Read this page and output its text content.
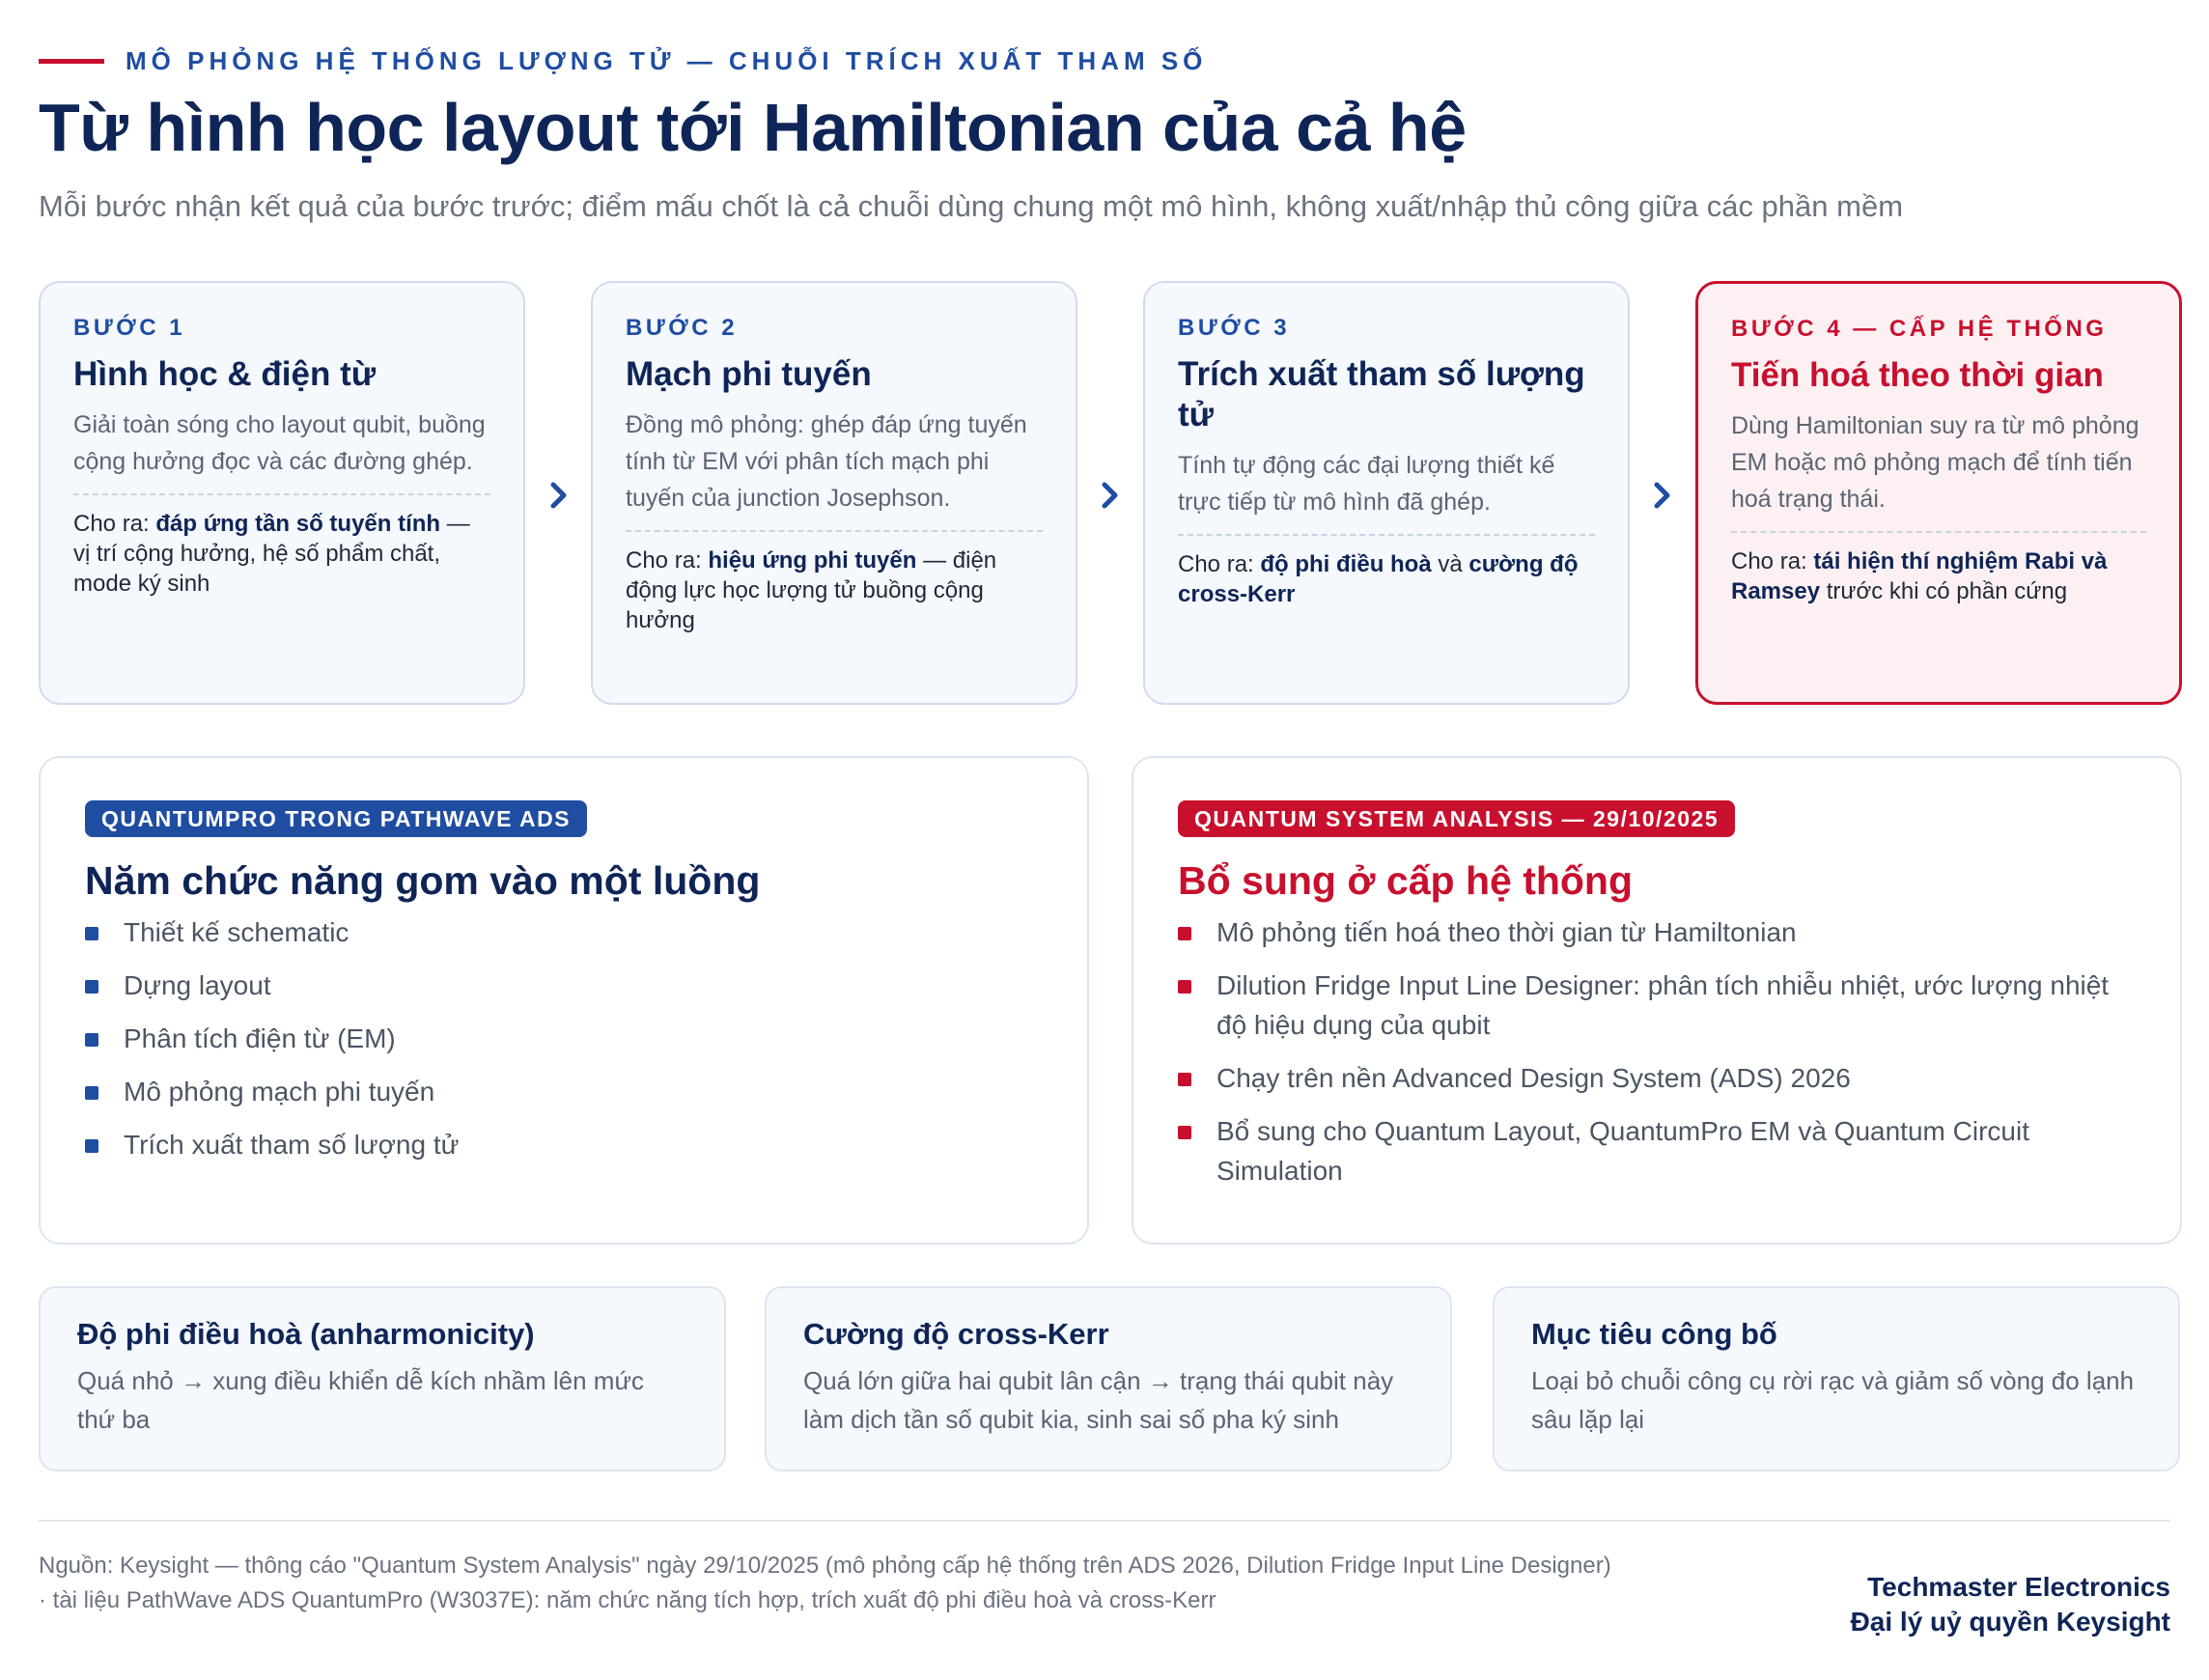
MÔ PHỎNG HỆ THỐNG LƯỢNG TỬ — CHUỖI TRÍCH XUẤT THAM SỐ
Từ hình học layout tới Hamiltonian của cả hệ
Mỗi bước nhận kết quả của bước trước; điểm mấu chốt là cả chuỗi dùng chung một mô hình, không xuất/nhập thủ công giữa các phần mềm
BƯỚC 1
Hình học & điện từ
Giải toàn sóng cho layout qubit, buồng cộng hưởng đọc và các đường ghép.
Cho ra: đáp ứng tần số tuyến tính — vị trí cộng hưởng, hệ số phẩm chất, mode ký sinh
BƯỚC 2
Mạch phi tuyến
Đồng mô phỏng: ghép đáp ứng tuyến tính từ EM với phân tích mạch phi tuyến của junction Josephson.
Cho ra: hiệu ứng phi tuyến — điện động lực học lượng tử buồng cộng hưởng
BƯỚC 3
Trích xuất tham số lượng tử
Tính tự động các đại lượng thiết kế trực tiếp từ mô hình đã ghép.
Cho ra: độ phi điều hoà và cường độ cross-Kerr
BƯỚC 4 — CẤP HỆ THỐNG
Tiến hoá theo thời gian
Dùng Hamiltonian suy ra từ mô phỏng EM hoặc mô phỏng mạch để tính tiến hoá trạng thái.
Cho ra: tái hiện thí nghiệm Rabi và Ramsey trước khi có phần cứng
QUANTUMPRO TRONG PATHWAVE ADS
Năm chức năng gom vào một luồng
Thiết kế schematic
Dựng layout
Phân tích điện từ (EM)
Mô phỏng mạch phi tuyến
Trích xuất tham số lượng tử
QUANTUM SYSTEM ANALYSIS — 29/10/2025
Bổ sung ở cấp hệ thống
Mô phỏng tiến hoá theo thời gian từ Hamiltonian
Dilution Fridge Input Line Designer: phân tích nhiễu nhiệt, ước lượng nhiệt độ hiệu dụng của qubit
Chạy trên nền Advanced Design System (ADS) 2026
Bổ sung cho Quantum Layout, QuantumPro EM và Quantum Circuit Simulation
Độ phi điều hoà (anharmonicity)
Quá nhỏ → xung điều khiển dễ kích nhầm lên mức thứ ba
Cường độ cross-Kerr
Quá lớn giữa hai qubit lân cận → trạng thái qubit này làm dịch tần số qubit kia, sinh sai số pha ký sinh
Mục tiêu công bố
Loại bỏ chuỗi công cụ rời rạc và giảm số vòng đo lạnh sâu lặp lại
Nguồn: Keysight — thông cáo "Quantum System Analysis" ngày 29/10/2025 (mô phỏng cấp hệ thống trên ADS 2026, Dilution Fridge Input Line Designer) · tài liệu PathWave ADS QuantumPro (W3037E): năm chức năng tích hợp, trích xuất độ phi điều hoà và cross-Kerr	Techmaster Electronics
Đại lý uỷ quyền Keysight
